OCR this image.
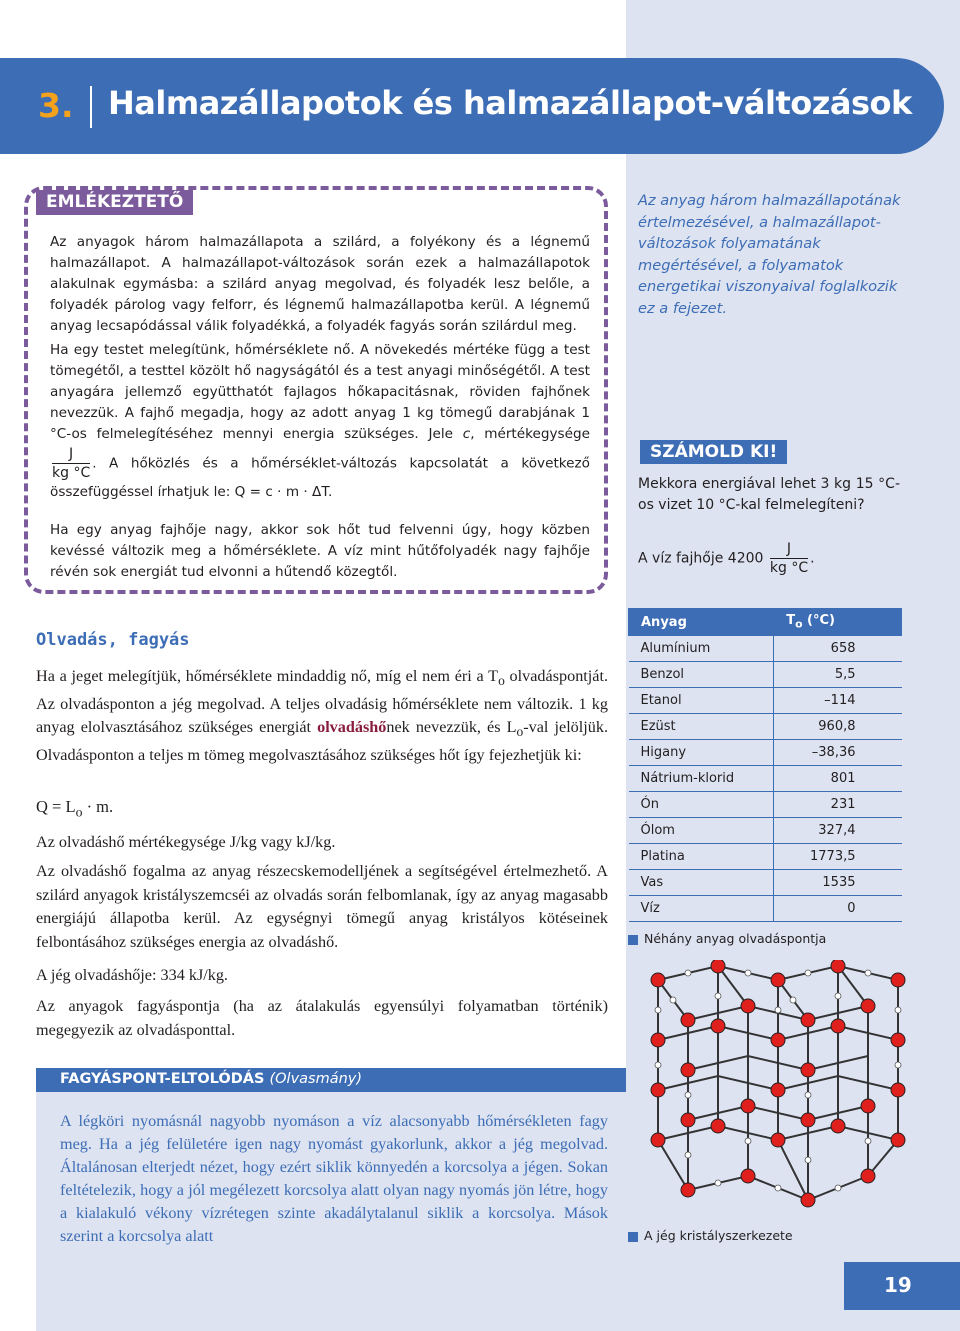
3. Halmazállapotok és halmazállapot-változások
EMLÉKEZTETŐ
Az anyagok három halmazállapota a szilárd, a folyékony és a légnemű halmazállapot. A halmazállapot-változások során ezek a halmazállapotok alakulnak egymásba: a szilárd anyag megolvad, és folyadék lesz belőle, a folyadék párolog vagy felforr, és légnemű halmazállapotba kerül. A légnemű anyag lecsapódással válik folyadékká, a folyadék fagyás során szilárdul meg.
Ha egy testet melegítünk, hőmérséklete nő. A növekedés mértéke függ a test tömegétől, a testtel közölt hő nagyságától és a test anyagi minőségétől. A test anyagára jellemző együtthatót fajlagos hőkapacitásnak, röviden fajhőnek nevezzük. A fajhő megadja, hogy az adott anyag 1 kg tömegű darabjának 1 °C-os felmelegítéséhez mennyi energia szükséges. Jele c, mértékegysége
$\frac{J}{kg ^\circ C}$ . A hőközlés és a hőmérséklet-változás kapcsolatát a következő összefüggéssel írhatjuk le: Q = c · m · ΔT.
Ha egy anyag fajhője nagy, akkor sok hőt tud felvenni úgy, hogy közben kevéssé változik meg a hőmérséklete. A víz mint hűtőfolyadék nagy fajhője révén sok energiát tud elvonni a hűtendő közegtől.
Az anyag három halmazállapotának értelmezésével, a halmazállapot-változások folyamatának megértésével, a folyamatok energetikai viszonyaival foglalkozik ez a fejezet.
SZÁMOLD KI!
Mekkora energiával lehet 3 kg 15 °C-os vizet 10 °C-kal felmelegíteni?
A víz fajhője $4200 \frac{J}{kg ^\circ C}$ .
Olvadás, fagyás
Ha a jeget melegítjük, hőmérséklete mindaddig nő, míg el nem éri a $T_o$ olvadáspontját. Az olvadásponton a jég megolvad. A teljes olvadásig hőmérséklete nem változik. 1 kg anyag elolvasztásához szükséges energiát olvadáshőnek nevezzük, és $L_o$-val jelöljük. Olvadásponton a teljes m tömeg megolvasztásához szükséges hőt így fejezhetjük ki:
$Q = L_o \cdot m$.
Az olvadáshő mértékegysége J/kg vagy kJ/kg.
Az olvadáshő fogalma az anyag részecskemodelljének a segítségével értelmezhető. A szilárd anyagok kristályszemcséi az olvadás során felbomlanak, így az anyag magasabb energiájú állapotba kerül. Az egységnyi tömegű anyag kristályos kötéseinek felbontásához szükséges energia az olvadáshő.
A jég olvadáshője: 334 kJ/kg.
Az anyagok fagyáspontja (ha az átalakulás egyensúlyi folyamatban történik) megegyezik az olvadásponttal.
FAGYÁSPONT-ELTOLÓDÁS (Olvasmány)
A légköri nyomásnál nagyobb nyomáson a víz alacsonyabb hőmérsékleten fagy meg. Ha a jég felületére igen nagy nyomást gyakorlunk, akkor a jég megolvad. Általánosan elterjedt nézet, hogy ezért siklik könnyedén a korcsolya a jégen. Sokan feltételezik, hogy a jól megélezett korcsolya alatt olyan nagy nyomás jön létre, hogy a kialakuló vékony vízrétegen szinte akadálytalanul siklik a korcsolya. Mások szerint a korcsolya alatt
Anyag	$T_o$ (°C)
Alumínium	658
Benzol	5,5
Etanol	–114
Ezüst	960,8
Higany	–38,36
Nátrium-klorid	801
Ón	231
Ólom	327,4
Platina	1773,5
Vas	1535
Víz	0
Néhány anyag olvadáspontja
A jég kristályszerkezete
19
